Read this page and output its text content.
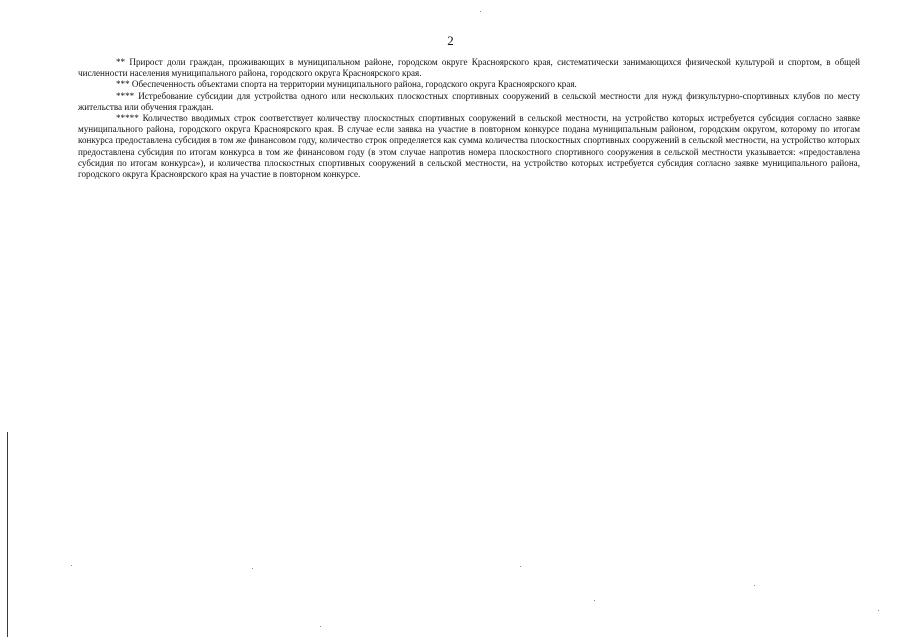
2

** Прирост доли граждан, проживающих в муниципальном районе, городском округе Красноярского края, систематически занимающихся физической культурой и спортом, в общей численности населения муниципального района, городского округа Красноярского края.

*** Обеспеченность объектами спорта на территории муниципального района, городского округа Красноярского края.

**** Истребование субсидии для устройства одного или нескольких плоскостных спортивных сооружений в сельской местности для нужд физкультурно-спортивных клубов по месту жительства или обучения граждан.

***** Количество вводимых строк соответствует количеству плоскостных спортивных сооружений в сельской местности, на устройство которых истребуется субсидия согласно заявке муниципального района, городского округа Красноярского края. В случае если заявка на участие в повторном конкурсе подана муниципальным районом, городским округом, которому по итогам конкурса предоставлена субсидия в том же финансовом году, количество строк определяется как сумма количества плоскостных спортивных сооружений в сельской местности, на устройство которых предоставлена субсидия по итогам конкурса в том же финансовом году (в этом случае напротив номера плоскостного спортивного сооружения в сельской местности указывается: «предоставлена субсидия по итогам конкурса»), и количества плоскостных спортивных сооружений в сельской местности, на устройство которых истребуется субсидия согласно заявке муниципального района, городского округа Красноярского края на участие в повторном конкурсе.
